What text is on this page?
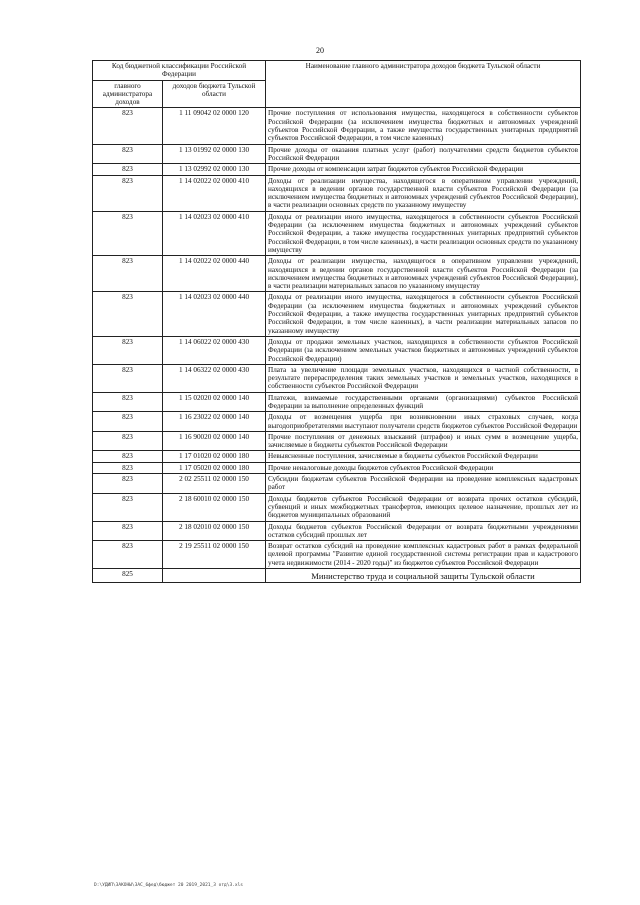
20
Код бюджетной классификации Российской Федерации		Наименование главного администратора доходов бюджета Тульской области
главного администратора доходов	доходов бюджета Тульской области	
823	1 11 09042 02 0000 120	Прочие поступления от использования имущества, находящегося в собственности субъектов Российской Федерации (за исключением имущества бюджетных и автономных учреждений субъектов Российской Федерации, а также имущества государственных унитарных предприятий субъектов Российской Федерации, в том числе казенных)
823	1 13 01992 02 0000 130	Прочие доходы от оказания платных услуг (работ) получателями средств бюджетов субъектов Российской Федерации
823	1 13 02992 02 0000 130	Прочие доходы от компенсации затрат бюджетов субъектов Российской Федерации
823	1 14 02022 02 0000 410	Доходы от реализации имущества, находящегося в оперативном управлении учреждений, находящихся в ведении органов государственной власти субъектов Российской Федерации (за исключением имущества бюджетных и автономных учреждений субъектов Российской Федерации), в части реализации основных средств по указанному имуществу
823	1 14 02023 02 0000 410	Доходы от реализации иного имущества, находящегося в собственности субъектов Российской Федерации (за исключением имущества бюджетных и автономных учреждений субъектов Российской Федерации, а также имущества государственных унитарных предприятий субъектов Российской Федерации, в том числе казенных), в части реализации основных средств по указанному имуществу
823	1 14 02022 02 0000 440	Доходы от реализации имущества, находящегося в оперативном управлении учреждений, находящихся в ведении органов государственной власти субъектов Российской Федерации (за исключением имущества бюджетных и автономных учреждений субъектов Российской Федерации), в части реализации материальных запасов по указанному имуществу
823	1 14 02023 02 0000 440	Доходы от реализации иного имущества, находящегося в собственности субъектов Российской Федерации (за исключением имущества бюджетных и автономных учреждений субъектов Российской Федерации, а также имущества государственных унитарных предприятий субъектов Российской Федерации, в том числе казенных), в части реализации материальных запасов по указанному имуществу
823	1 14 06022 02 0000 430	Доходы от продажи земельных участков, находящихся в собственности субъектов Российской Федерации (за исключением земельных участков бюджетных и автономных учреждений субъектов Российской Федерации)
823	1 14 06322 02 0000 430	Плата за увеличение площади земельных участков, находящихся в частной собственности, в результате перераспределения таких земельных участков и земельных участков, находящихся в собственности субъектов Российской Федерации
823	1 15 02020 02 0000 140	Платежи, взимаемые государственными органами (организациями) субъектов Российской Федерации за выполнение определенных функций
823	1 16 23022 02 0000 140	Доходы от возмещения ущерба при возникновении иных страховых случаев, когда выгодоприобретателями выступают получатели средств бюджетов субъектов Российской Федерации
823	1 16 90020 02 0000 140	Прочие поступления от денежных взысканий (штрафов) и иных сумм в возмещение ущерба, зачисляемые в бюджеты субъектов Российской Федерации
823	1 17 01020 02 0000 180	Невыясненные поступления, зачисляемые в бюджеты субъектов Российской Федерации
823	1 17 05020 02 0000 180	Прочие неналоговые доходы бюджетов субъектов Российской Федерации
823	2 02 25511 02 0000 150	Субсидии бюджетам субъектов Российской Федерации на проведение комплексных кадастровых работ
823	2 18 60010 02 0000 150	Доходы бюджетов субъектов Российской Федерации от возврата прочих остатков субсидий, субвенций и иных межбюджетных трансфертов, имеющих целевое назначение, прошлых лет из бюджетов муниципальных образований
823	2 18 02010 02 0000 150	Доходы бюджетов субъектов Российской Федерации от возврата бюджетными учреждениями остатков субсидий прошлых лет
823	2 19 25511 02 0000 150	Возврат остатков субсидий на проведение комплексных кадастровых работ в рамках федеральной целевой программы "Развитие единой государственной системы регистрации прав и кадастрового учета недвижимости (2014 - 2020 годы)" из бюджетов субъектов Российской Федерации
825		Министерство труда и социальной защиты Тульской области
D:\УДИП\ЗАКОНЫ\ЗАС_6фед\бюджет 20 2019_2021_3 отд\3.xls
